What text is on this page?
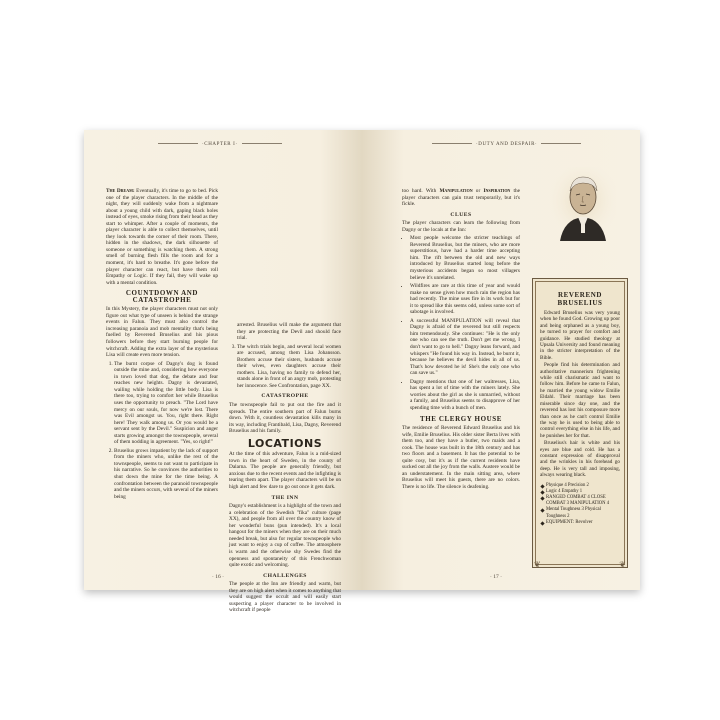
·CHAPTER I·

The Dream: Eventually, it's time to go to bed. Pick one of the player characters. In the middle of the night, they will suddenly wake from a nightmare about a young child with dark, gaping black holes instead of eyes, smoke rising from their head as they start to whimper. After a couple of moments, the player character is able to collect themselves, until they look towards the corner of their room. There, hidden in the shadows, the dark silhouette of someone or something is watching them. A strong smell of burning flesh fills the room and for a moment, it's hard to breathe. It's gone before the player character can react, but have them roll Empathy or Logic. If they fail, they will wake up with a mental condition.

COUNTDOWN AND CATASTROPHE

In this Mystery, the player characters must not only figure out what type of unseen is behind the strange events in Falun. They must also control the increasing paranoia and mob mentality that's being fuelled by Reverend Bruselius and his pious followers before they start burning people for witchcraft. Adding the extra layer of the mysterious Lisa will create even more tension.

1. The burnt corpse of Dagny's dog is found outside the mine and, considering how everyone in town loved that dog, the debate and fear reaches new heights. Dagny is devastated, wailing while holding the little body. Lisa is there too, trying to comfort her while Bruselius uses the opportunity to preach. "The Lord have mercy on our souls, for now we're lost. There was Evil amongst us. You, right there. Right here! They walk among us. Or you would be a servant sent by the Devil." Suspicion and anger starts growing amongst the townspeople, several of them nodding in agreement. "Yes, so right!"
2. Bruselius grows impatient by the lack of support from the miners who, unlike the rest of the townspeople, seems to not want to participate in his narrative. So he convinces the authorities to shut down the mine for the time being. A confrontation between the paranoid townspeople and the miners occurs, with several of the miners being

arrested. Bruselius will make the argument that they are protecting the Devil and should face trial.

3. The witch trials begin, and several local women are accused, among them Lisa Johansson. Brothers accuse their sisters, husbands accuse their wives, even daughters accuse their mothers. Lisa, having no family to defend her, stands alone in front of an angry mob, protesting her innocence. See Confrontation, page XX.
CATASTROPHE

The townspeople fail to put out the fire and it spreads. The entire southern part of Falun burns down. With it, countless devastation kills many in its way, including Frantibald, Lisa, Dagny, Reverend Bruselius and his family.

LOCATIONS

At the time of this adventure, Falun is a mid-sized town in the heart of Sweden, in the county of Dalarna. The people are generally friendly, but anxious due to the recent events and the infighting is tearing them apart. The player characters will be on high alert and few dare to go out once it gets dark.

THE INN

Dagny's establishment is a highlight of the town and a celebration of the Swedish "fika" culture (page XX), and people from all over the country know of her wonderful buns (pun intended). It's a local hangout for the miners when they are on their much needed break, but also for regular townspeople who just want to enjoy a cup of coffee. The atmosphere is warm and the otherwise shy Swedes find the openness and spontaneity of this Frenchwoman quite exotic and welcoming.

CHALLENGES

The people at the Inn are friendly and warm, but they are on high alert when it comes to anything that would suggest the occult and will easily start suspecting a player character to be involved in witchcraft if people

· 16 ·
·DUTY AND DESPAIR·

too hard. With Manipulation or Inspiration the player characters can gain trust temporarily, but it's fickle.

CLUES

The player characters can learn the following from Dagny or the locals at the Inn:

• Most people welcome the stricter teachings of Reverend Bruselius, but the miners, who are more superstitious, have had a harder time accepting him. The rift between the old and new ways introduced by Bruselius started long before the mysterious accidents began so most villagers believe it's unrelated.
• Wildfires are rare at this time of year and would make no sense given how much rain the region has had recently. The mine uses fire in its work but for it to spread like this seems odd, unless some sort of sabotage is involved.
• A successful MANIPULATION will reveal that Dagny is afraid of the reverend but still respects him tremendously. She continues: "He is the only one who can see the truth. Don't get me wrong, I don't want to go to hell." Dagny leans forward, and whispers "He found his way in. Instead, he burnt it, because he believes the devil hides in all of us. That's how devoted he is! She's the only one who can save us."
• Dagny mentions that one of her waitresses, Lisa, has spent a lot of time with the miners lately. She worries about the girl as she is unmarried, without a family, and Bruselius seems to disapprove of her spending time with a bunch of men.
THE CLERGY HOUSE

The residence of Reverend Edward Bruselius and his wife, Emilie Bruselius. His older sister Berta lives with them too, and they have a butler, two maids and a cook. The house was built in the 18th century and has two floors and a basement. It has the potential to be quite cosy, but it's as if the current residents have sucked out all the joy from the walls. Austere would be an understatement. In the main sitting area, where Bruselius will meet his guests, there are no colors. There is no life. The silence is deafening.

REVEREND BRUSELIUS

Edward Bruselius was very young when he found God. Growing up poor and being orphaned as a young boy, he turned to prayer for comfort and guidance. He studied theology at Upsala University and found meaning in the stricter interpretation of the Bible.

People find his determination and authoritative mannerism frightening while still charismatic and want to follow him. Before he came to Falun, he married the young widow Emilie Eldahl. Their marriage has been miserable since day one, and the reverend has lost his composure more than once as he can't control Emilie the way he is used to being able to control everything else in his life, and he punishes her for that.

Bruselius's hair is white and his eyes are blue and cold. He has a constant expression of disapproval and the wrinkles in his forehead go deep. He is very tall and imposing, always wearing black.

Physique 4 Precision 2
Logic 4 Empathy 1
RANGED COMBAT 4 CLOSE COMBAT 3 MANIPULATION 4
Mental Toughness 3 Physical Toughness 2
EQUIPMENT: Revolver
❦	❦
· 17 ·
